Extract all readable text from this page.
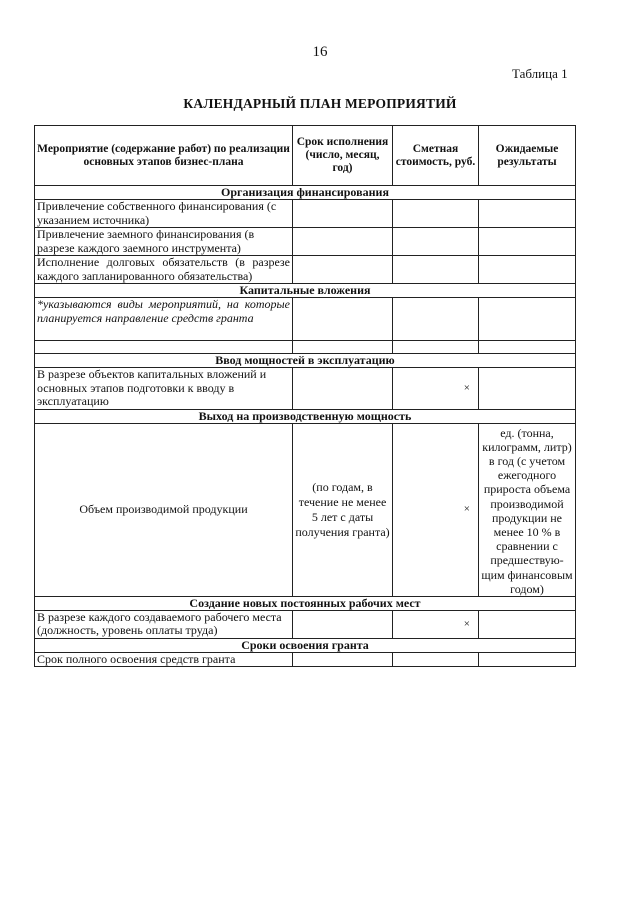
16
Таблица 1
КАЛЕНДАРНЫЙ ПЛАН МЕРОПРИЯТИЙ
Мероприятие (содержание работ) по реализации основных этапов бизнес-плана	Срок исполнения (число, месяц, год)	Сметная стоимость, руб.	Ожидаемые результаты
Организация финансирования			
Привлечение собственного финансирования (с указанием источника)			
Привлечение заемного финансирования (в разрезе каждого заемного инструмента)			
Исполнение долговых обязательств (в разрезе каждого запланированного обязательства)			
Капитальные вложения			
*указываются виды мероприятий, на которые планируется направление средств гранта			

Ввод мощностей в эксплуатацию			
В разрезе объектов капитальных вложений и основных этапов подготовки к вводу в эксплуатацию		×	
Выход на производственную мощность			
Объем производимой продукции	(по годам, в течение не менее 5 лет с даты получения гранта)	×	ед. (тонна, килограмм, литр) в год (с учетом ежегодного прироста объема производимой продукции не менее 10 % в сравнении с предшествую-щим финансовым годом)
Создание новых постоянных рабочих мест			
В разрезе каждого создаваемого рабочего места (должность, уровень оплаты труда)		×	
Сроки освоения гранта			
Срок полного освоения средств гранта			
